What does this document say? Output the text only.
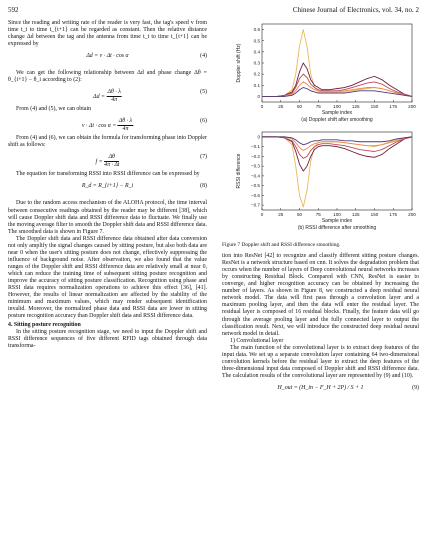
592	Chinese Journal of Electronics, vol. 34, no. 2

Since the reading and writing rate of the reader is very fast, the tag's speed v from time t_t to time t_{t+1} can be regarded as constant. Then the relative distance change Δd between the tag and the antenna from time t_t to time t_{t+1} can be expressed by

Δd = v · Δt · cos α	(4)

We can get the following relationship between Δd and phase change Δθ = θ_{i+1} − θ_i according to (2):

$\Delta d = \frac{\Delta\theta \cdot \lambda}{4\pi}$	(5)

From (4) and (5), we can obtain

$v \cdot \Delta t \cdot \cos \alpha = \frac{\Delta\theta \cdot \lambda}{4\pi}$	(6)

From (4) and (6), we can obtain the formula for transforming phase into Doppler shift as follows:

$f = \frac{\Delta\theta}{4\pi \cdot \Delta t}$	(7)

The equation for transforming RSSI into RSSI difference can be expressed by

R_d = R_{i+1} − R_i	(8)

Due to the random access mechanism of the ALOHA protocol, the time interval between consecutive readings obtained by the reader may be different [38], which will cause Doppler shift data and RSSI difference data to fluctuate. We finally use the moving average filter to smooth the Doppler shift data and RSSI difference data. The smoothed data is shown in Figure 7.

The Doppler shift data and RSSI difference data obtained after data conversion not only amplify the signal changes caused by sitting posture, but also both data are near 0 when the user's sitting posture does not change, effectively suppressing the influence of background noise. After observation, we also found that the value ranges of the Doppler shift and RSSI difference data are relatively small at near 0, which can reduce the training time of subsequent sitting posture recognition and improve the accuracy of sitting posture classification. Recognition using phase and RSSI data requires normalization operations to achieve this effect [36], [41]. However, the results of linear normalization are affected by the stability of the minimum and maximum values, which may render subsequent identification invalid. Moreover, the normalized phase data and RSSI data are lower in sitting posture recognition accuracy than Doppler shift data and RSSI difference data.

4. Sitting posture recognition

In the sitting posture recognition stage, we need to input the Doppler shift and RSSI difference sequences of five different RFID tags obtained through data transforma-

0	25	50	75	100 125 150 175 200
0
0.1
0.2
0.3
0.4
0.5
0.6
Sample index
Doppler shift (Hz)
(a) Doppler shift after smoothing
0	25	50	75	100 125 150 175 200
0
−0.1
−0.2
−0.3
−0.4
−0.5
−0.6
−0.7
Sample index
RSSI difference
(b) RSSI difference after smoothing

Figure 7 Doppler shift and RSSI difference smoothing.

tion into ResNet [42] to recognize and classify different sitting posture changes. ResNet is a network structure based on cnn. It solves the degradation problem that occurs when the number of layers of Deep convolutional neural networks increases by constructing Residual Block. Compared with CNN, ResNet is easier to converge, and higher recognition accuracy can be obtained by increasing the number of layers. As shown in Figure 8, we constructed a deep residual neural network model. The data will first pass through a convolution layer and a maximum pooling layer, and then the data will enter the residual layer. The residual layer is composed of 16 residual blocks. Finally, the feature data will go through the average pooling layer and the fully connected layer to output the classification result. Next, we will introduce the constructed deep residual neural network model in detail.

1) Convolutional layer

The main function of the convolutional layer is to extract deep features of the input data. We set up a separate convolution layer containing 64 two-dimensional convolution kernels before the residual layer to extract the deep features of the three-dimensional input data composed of Doppler shift and RSSI difference data. The calculation results of the convolutional layer are represented by (9) and (10).

H_out = (H_in − F_H + 2P) / S + 1	(9)
